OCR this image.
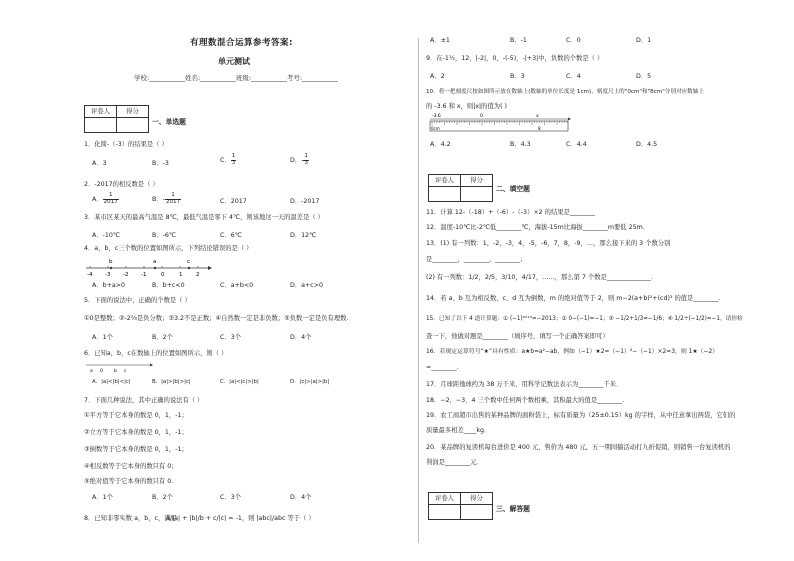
有理数混合运算参考答案:
单元测试
学校:___________姓名:___________班级:___________考号:___________
评卷人	得分

一、单选题
1．化简-（-3）的结果是（ ）
A．3	B．-3	C． $\frac{1}{3}$	D．- $\frac{1}{3}$
2．-2017的相反数是（ ）
A． $\frac{1}{2017}$	B．- $\frac{1}{2017}$	C．2017	D．-2017
3．某市区某天的最高气温是 8℃，最低气温是零下 4℃，则该地这一天的温差是（ ）
A．-10℃	B．-6℃	C．6℃	D．12℃
4．a，b，c三个数的位置如图所示，下列结论错误的是（ ）
b	a	c
-4 -3 -2 -1	0	1 2
A．b+a>0	B．b+c<0	C．a+b<0	D．a+c>0
5．下面的说法中，正确的个数是（ ）
①0是整数；②-2⅔是负分数；③3.2不是正数；④自然数一定是非负数；⑤负数一定是负有理数.
A．1个	B．2个	C．3个	D．4个
6．已知a，b，c在数轴上的位置如图所示，则（ ）
a 0 b c
A．|a|<|b|<|c|	B．|a|>|b|>|c|	C．|a|<|c|>|b|	D．|c|>|a|>|b|
7．下面几种说法，其中正确的说法有（ ）
①平方等于它本身的数是 0，1，-1；
②立方等于它本身的数是 0，1，-1；
③倒数等于它本身的数是 0，1，-1；
④相反数等于它本身的数只有 0；
⑤绝对值等于它本身的数只有 0.
A．1个	B．2个	C．3个	D．4个
8．已知非零实数 a，b，c，满足
a/|a| + |b|/b + c/|c| = -1，则 |abc|/abc 等于（ ）
A．±1	B．-1	C．0	D．1
9．在-1½，12，|-2|，0，-(-5)，-|+3|中，负数的个数是（ ）
A．2	B．3	C．4	D．5
10．将一把刻度尺按如图所示放在数轴上(数轴的单位长度是 1cm)，刻度尺上的"0cm"和"8cm"分别对应数轴上
的 -3.6 和 x，则|x|的值为( )
-3.6	0	x
0cm	8
A．4.2	B．4.3	C．4.4	D．4.5
评卷人	得分

二、填空题
11．计算 12-（-18）+（-6）-（-3）×2 的结果是________
12．温度-10℃比-2℃低________℃，海拔-15m比海拔________m要低 25m．
13．(1) 有一列数：1，-2，-3，4，-5，-6，7，8，-9，…，那么接下来的 3 个数分别
是________，________，________;
(2) 有一列数：1/2，2/5，3/10，4/17，……，那么第 7 个数是______________.
14．若 a、b 互为相反数，c、d 互为倒数，m 的绝对值等于 2，则 m−2(a+b)²+(cd)³ 的值是________.
15．已知了以下 4 道计算题：① (−1)²⁰¹³=−2013；② 0−(−1)=−1；③ −1/2+1/3=−1/6；④ 1/2÷(−1/2)=−1，请你检
查一下，他做对题是________（填序号，填写一个正确答案即可）
16．若规定运算符号“★”具有性质：a★b=a²−ab，例如（−1）★2=（−1）²−（−1）×2=3，则 1★（−2）
=________.
17．月球距地球约为 38 万千米，用科学记数法表示为________千米．
18．−2，−3，4 三个数中任何两个数相乘，其积最大的值是________.
19．农工商超市出售的某种品牌的面粉袋上，标有质量为（25±0.15）kg 的字样，从中任意拿出两袋，它们的
质量最多相差____kg．
20．某品牌的复读机每台进价是 400 元，售价为 480 元，五一期间搞活动打九折促销，则销售一台复读机的
利润是________元．
评卷人	得分

三、解答题
